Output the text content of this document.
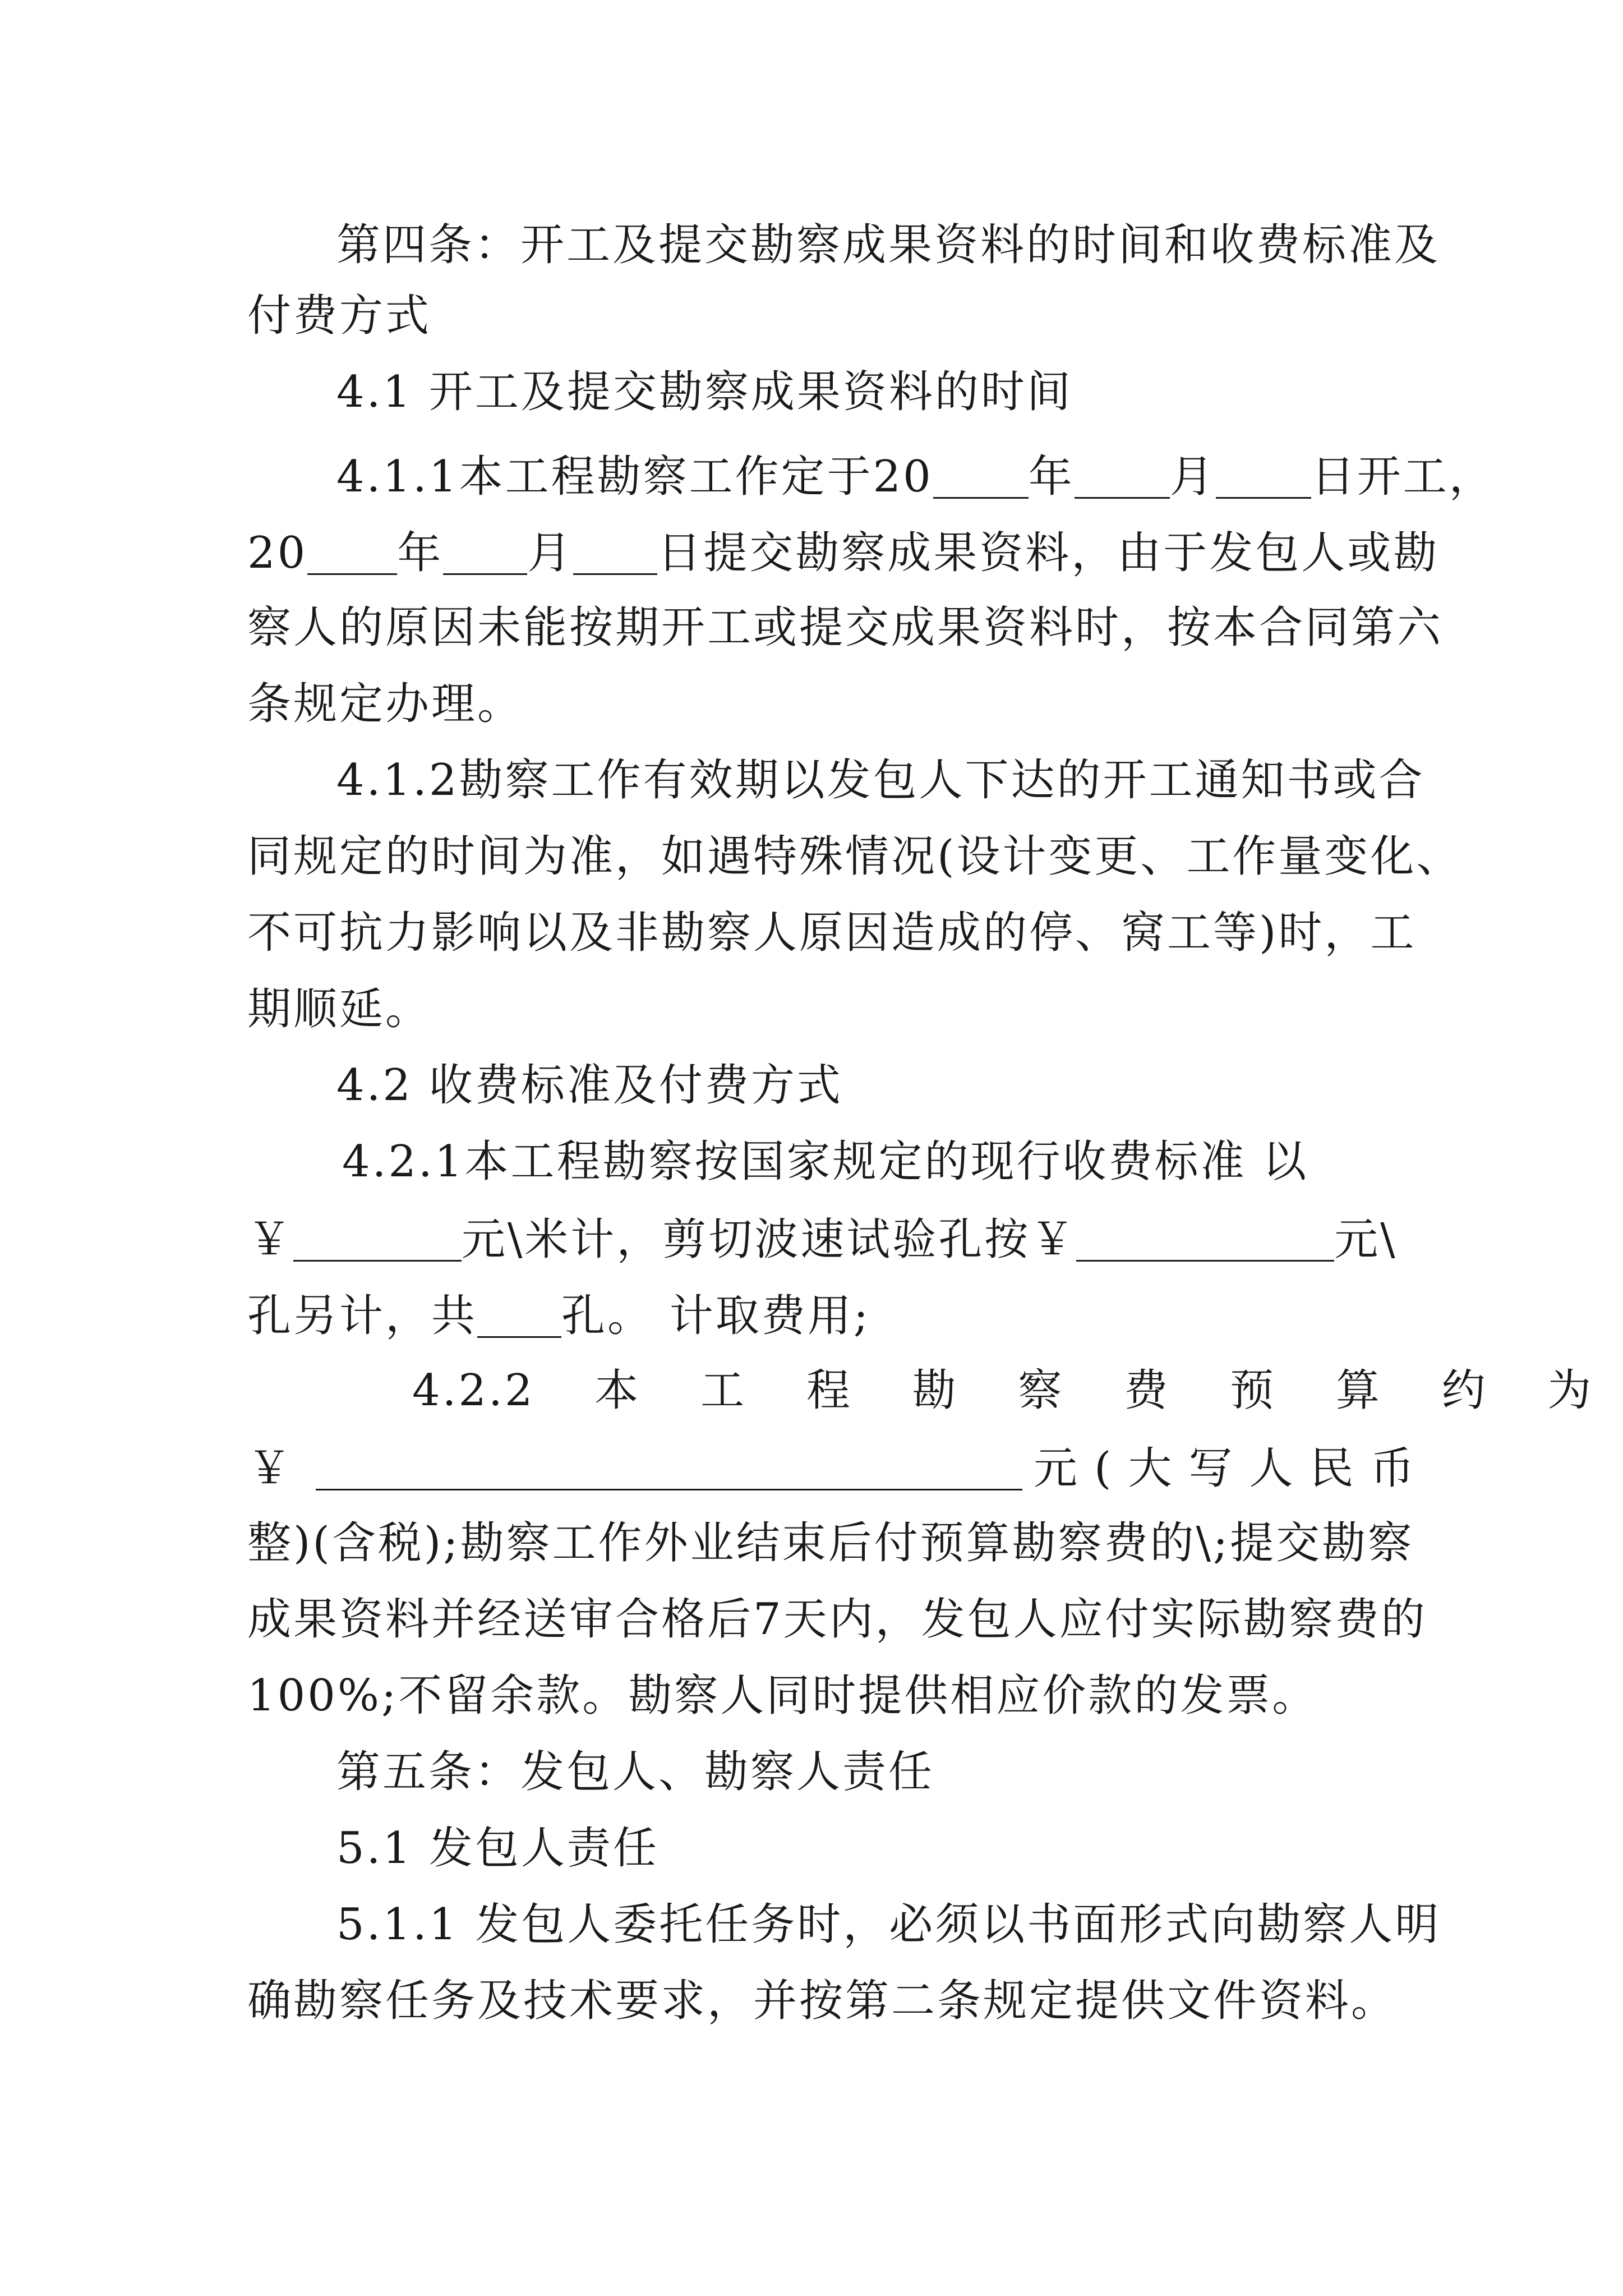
第四条：开工及提交勘察成果资料的时间和收费标准及
付费方式
4.1 开工及提交勘察成果资料的时间
4.1.1本工程勘察工作定于20 年 月 日开工，
20 年 月 日提交勘察成果资料，由于发包人或勘
察人的原因未能按期开工或提交成果资料时，按本合同第六
条规定办理。
4.1.2勘察工作有效期以发包人下达的开工通知书或合
同规定的时间为准，如遇特殊情况(设计变更、工作量变化、
不可抗力影响以及非勘察人原因造成的停、窝工等)时，工
期顺延。
4.2 收费标准及付费方式
4.2.1本工程勘察按国家规定的现行收费标准 以
￥	元\米计，剪切波速试验孔按￥	元\
孔另计，共 孔。 计取费用;
4.2.2 本 工 程 勘 察 费 预 算 约 为
￥	元(大写人民币
整)(含税);勘察工作外业结束后付预算勘察费的\;提交勘察
成果资料并经送审合格后7天内，发包人应付实际勘察费的
100%;不留余款。勘察人同时提供相应价款的发票。
第五条：发包人、勘察人责任
5.1 发包人责任
5.1.1 发包人委托任务时，必须以书面形式向勘察人明
确勘察任务及技术要求，并按第二条规定提供文件资料。
